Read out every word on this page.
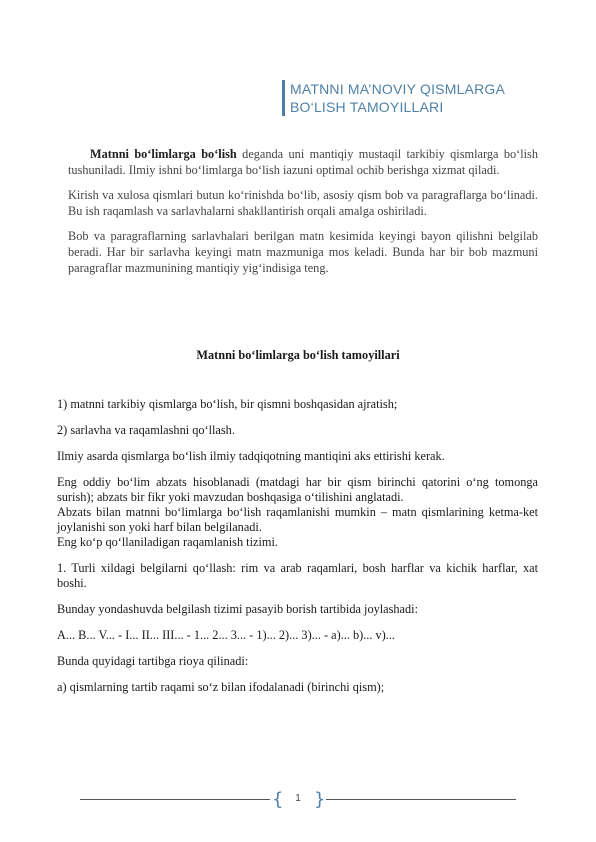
MATNNI MA’NOVIY QISMLARGA
BO‘LISH TAMOYILLARI

Matnni bo‘limlarga bo‘lish deganda uni mantiqiy mustaqil tarkibiy qismlarga bo‘lish tushuniladi. Ilmiy ishni bo‘limlarga bo‘lish iazuni optimal ochib berishga xizmat qiladi.

Kirish va xulosa qismlari butun ko‘rinishda bo‘lib, asosiy qism bob va paragraflarga bo‘linadi. Bu ish raqamlash va sarlavhalarni shakllantirish orqali amalga oshiriladi.

Bob va paragraflarning sarlavhalari berilgan matn kesimida keyingi bayon qilishni belgilab beradi. Har bir sarlavha keyingi matn mazmuniga mos keladi. Bunda har bir bob mazmuni paragraflar mazmunining mantiqiy yig‘indisiga teng.

Matnni bo‘limlarga bo‘lish tamoyillari

1) matnni tarkibiy qismlarga bo‘lish, bir qismni boshqasidan ajratish;

2) sarlavha va raqamlashni qo‘llash.

Ilmiy asarda qismlarga bo‘lish ilmiy tadqiqotning mantiqini aks ettirishi kerak.

Eng oddiy bo‘lim abzats hisoblanadi (matdagi har bir qism birinchi qatorini o‘ng tomonga surish); abzats bir fikr yoki mavzudan boshqasiga o‘tilishini anglatadi.

Abzats bilan matnni bo‘limlarga bo‘lish raqamlanishi mumkin – matn qismlarining ketma-ket joylanishi son yoki harf bilan belgilanadi.

Eng ko‘p qo‘llaniladigan raqamlanish tizimi.

1. Turli xildagi belgilarni qo‘llash: rim va arab raqamlari, bosh harflar va kichik harflar, xat boshi.

Bunday yondashuvda belgilash tizimi pasayib borish tartibida joylashadi:

A... B... V... - I... II... III... - 1... 2... 3... - 1)... 2)... 3)... - a)... b)... v)...

Bunda quyidagi tartibga rioya qilinadi:

a) qismlarning tartib raqami so‘z bilan ifodalanadi (birinchi qism);

{	1 }
